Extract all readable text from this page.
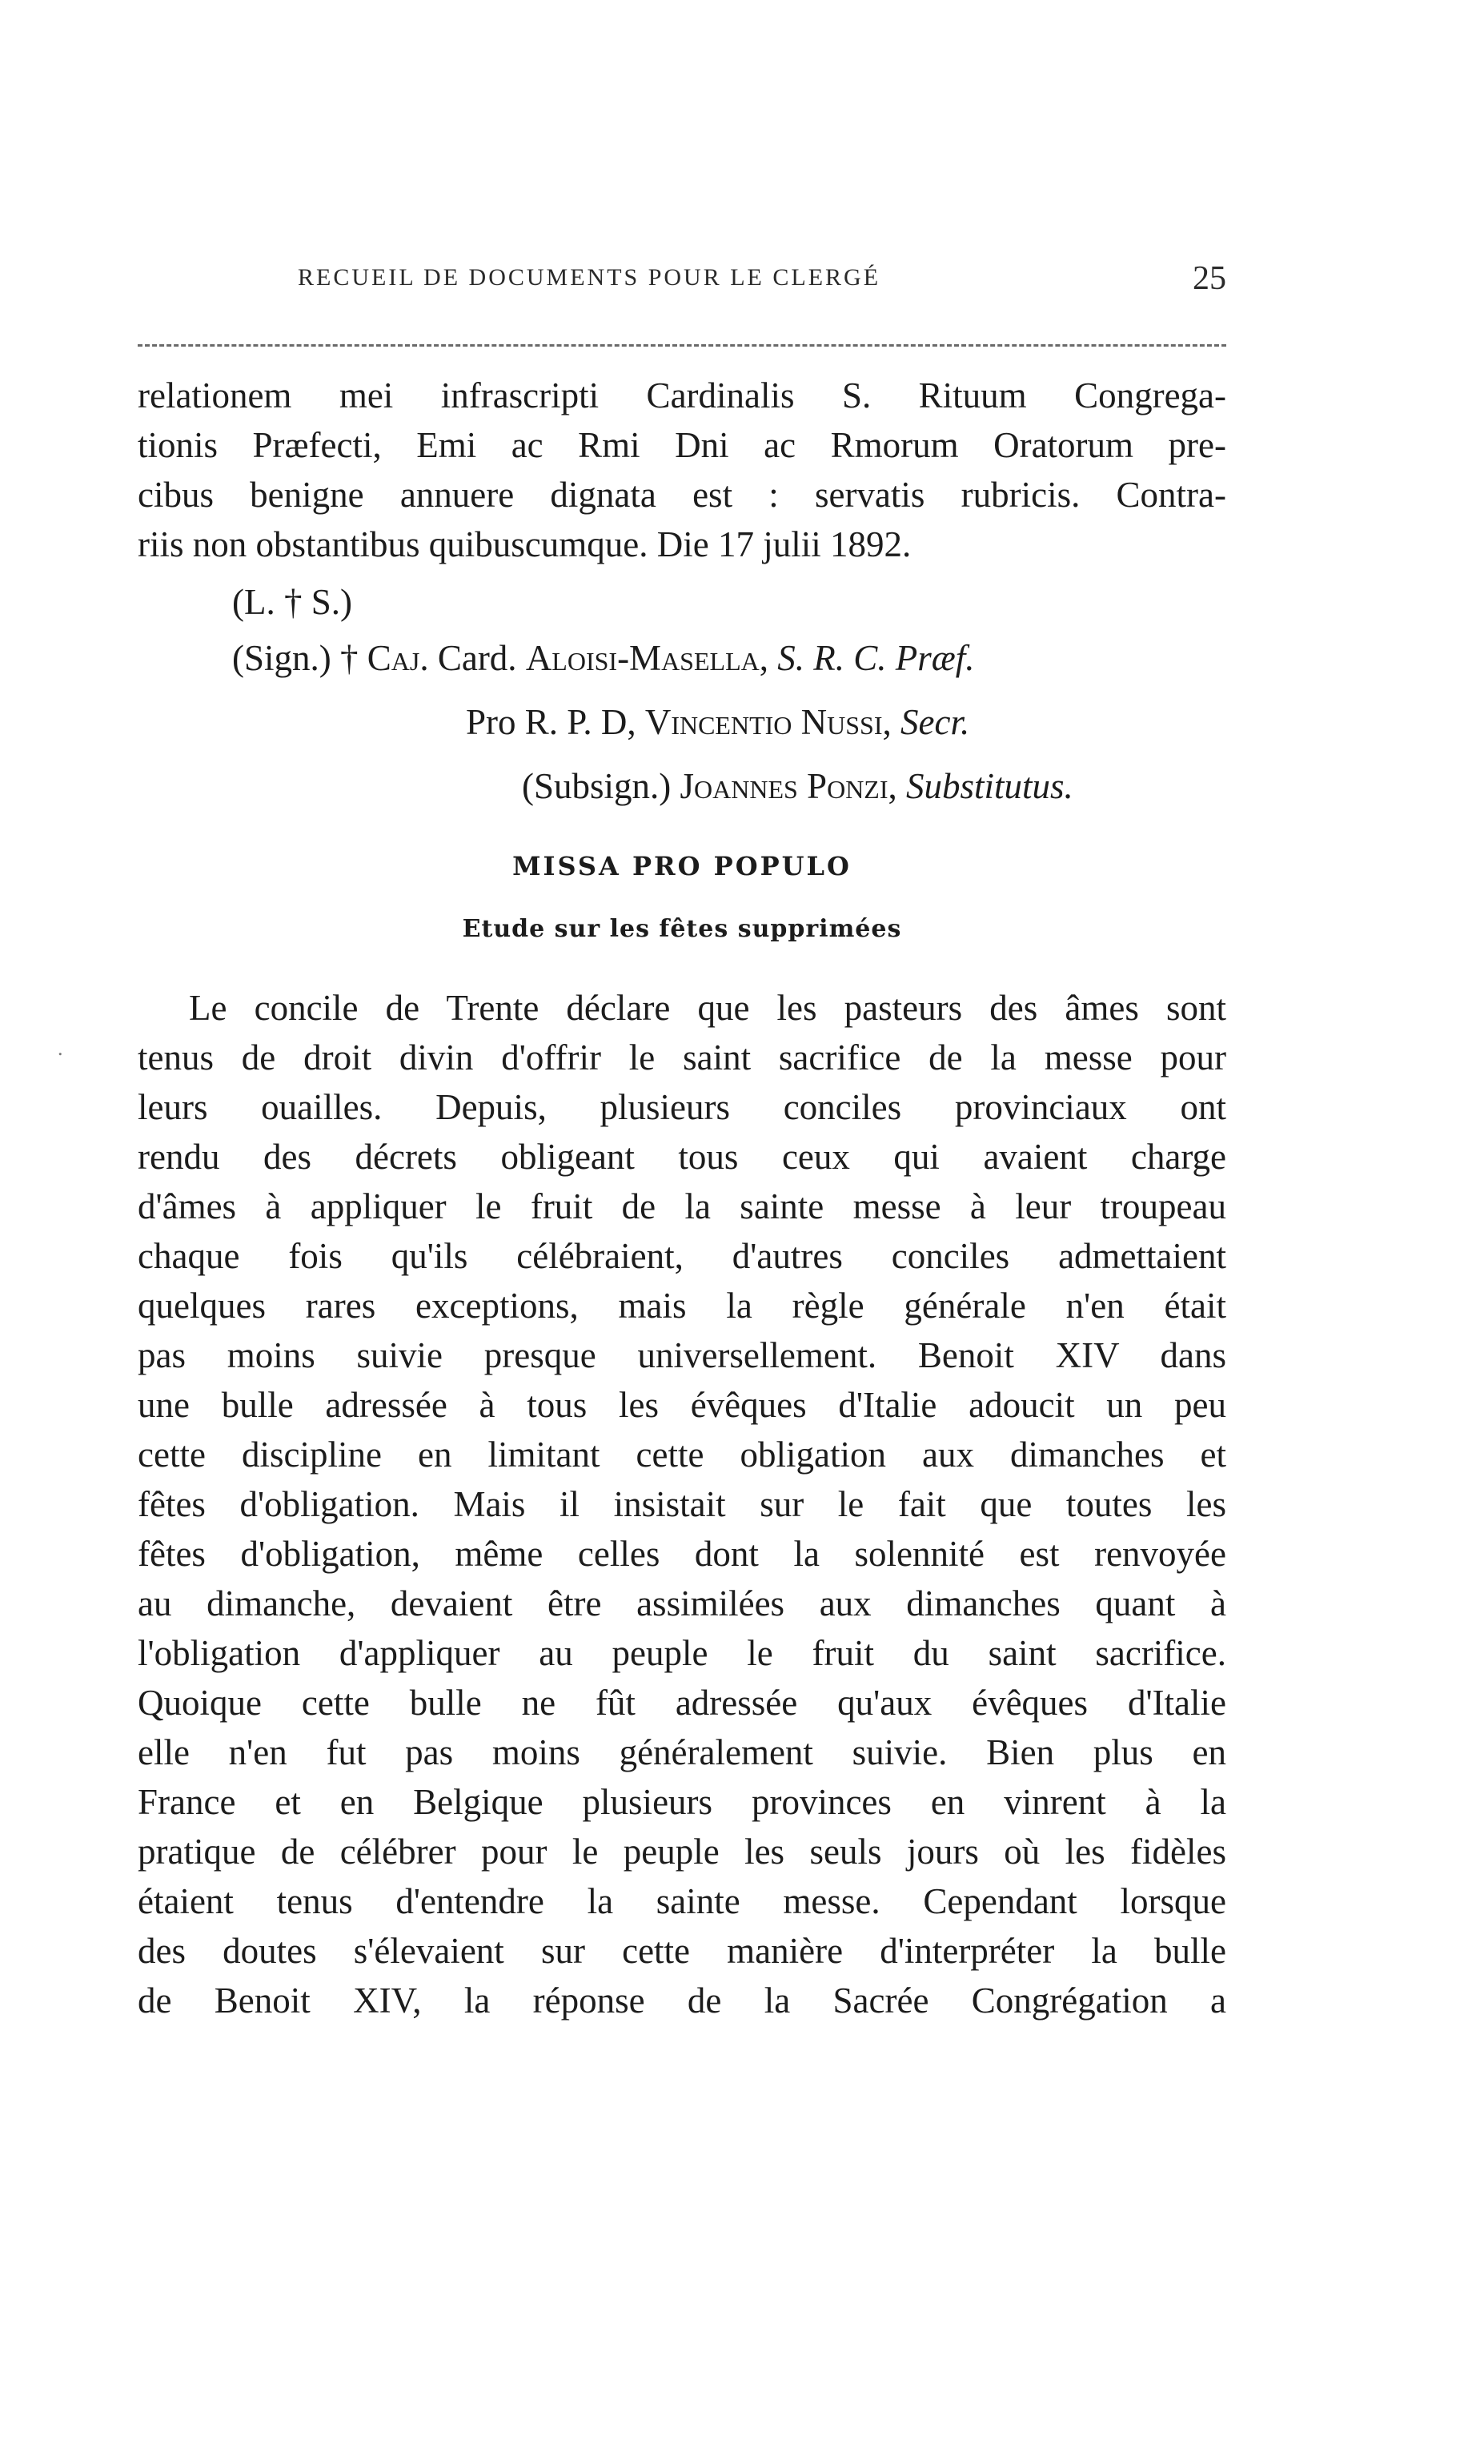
.
RECUEIL DE DOCUMENTS POUR LE CLERGÉ	25
relationem mei infrascripti Cardinalis S. Rituum Congrega-
tionis Præfecti, Emi ac Rmi Dni ac Rmorum Oratorum pre-
cibus benigne annuere dignata est : servatis rubricis. Contra-
riis non obstantibus quibuscumque. Die 17 julii 1892.
(L. † S.)
(Sign.) † Caj. Card. Aloisi-Masella, S. R. C. Præf.
Pro R. P. D, Vincentio Nussi, Secr.
(Subsign.) Joannes Ponzi, Substitutus.
MISSA PRO POPULO
Etude sur les fêtes supprimées
Le concile de Trente déclare que les pasteurs des âmes sont
tenus de droit divin d'offrir le saint sacrifice de la messe pour
leurs ouailles. Depuis, plusieurs conciles provinciaux ont
rendu des décrets obligeant tous ceux qui avaient charge
d'âmes à appliquer le fruit de la sainte messe à leur troupeau
chaque fois qu'ils célébraient, d'autres conciles admettaient
quelques rares exceptions, mais la règle générale n'en était
pas moins suivie presque universellement. Benoit XIV dans
une bulle adressée à tous les évêques d'Italie adoucit un peu
cette discipline en limitant cette obligation aux dimanches et
fêtes d'obligation. Mais il insistait sur le fait que toutes les
fêtes d'obligation, même celles dont la solennité est renvoyée
au dimanche, devaient être assimilées aux dimanches quant à
l'obligation d'appliquer au peuple le fruit du saint sacrifice.
Quoique cette bulle ne fût adressée qu'aux évêques d'Italie
elle n'en fut pas moins généralement suivie. Bien plus en
France et en Belgique plusieurs provinces en vinrent à la
pratique de célébrer pour le peuple les seuls jours où les fidèles
étaient tenus d'entendre la sainte messe. Cependant lorsque
des doutes s'élevaient sur cette manière d'interpréter la bulle
de Benoit XIV, la réponse de la Sacrée Congrégation a
